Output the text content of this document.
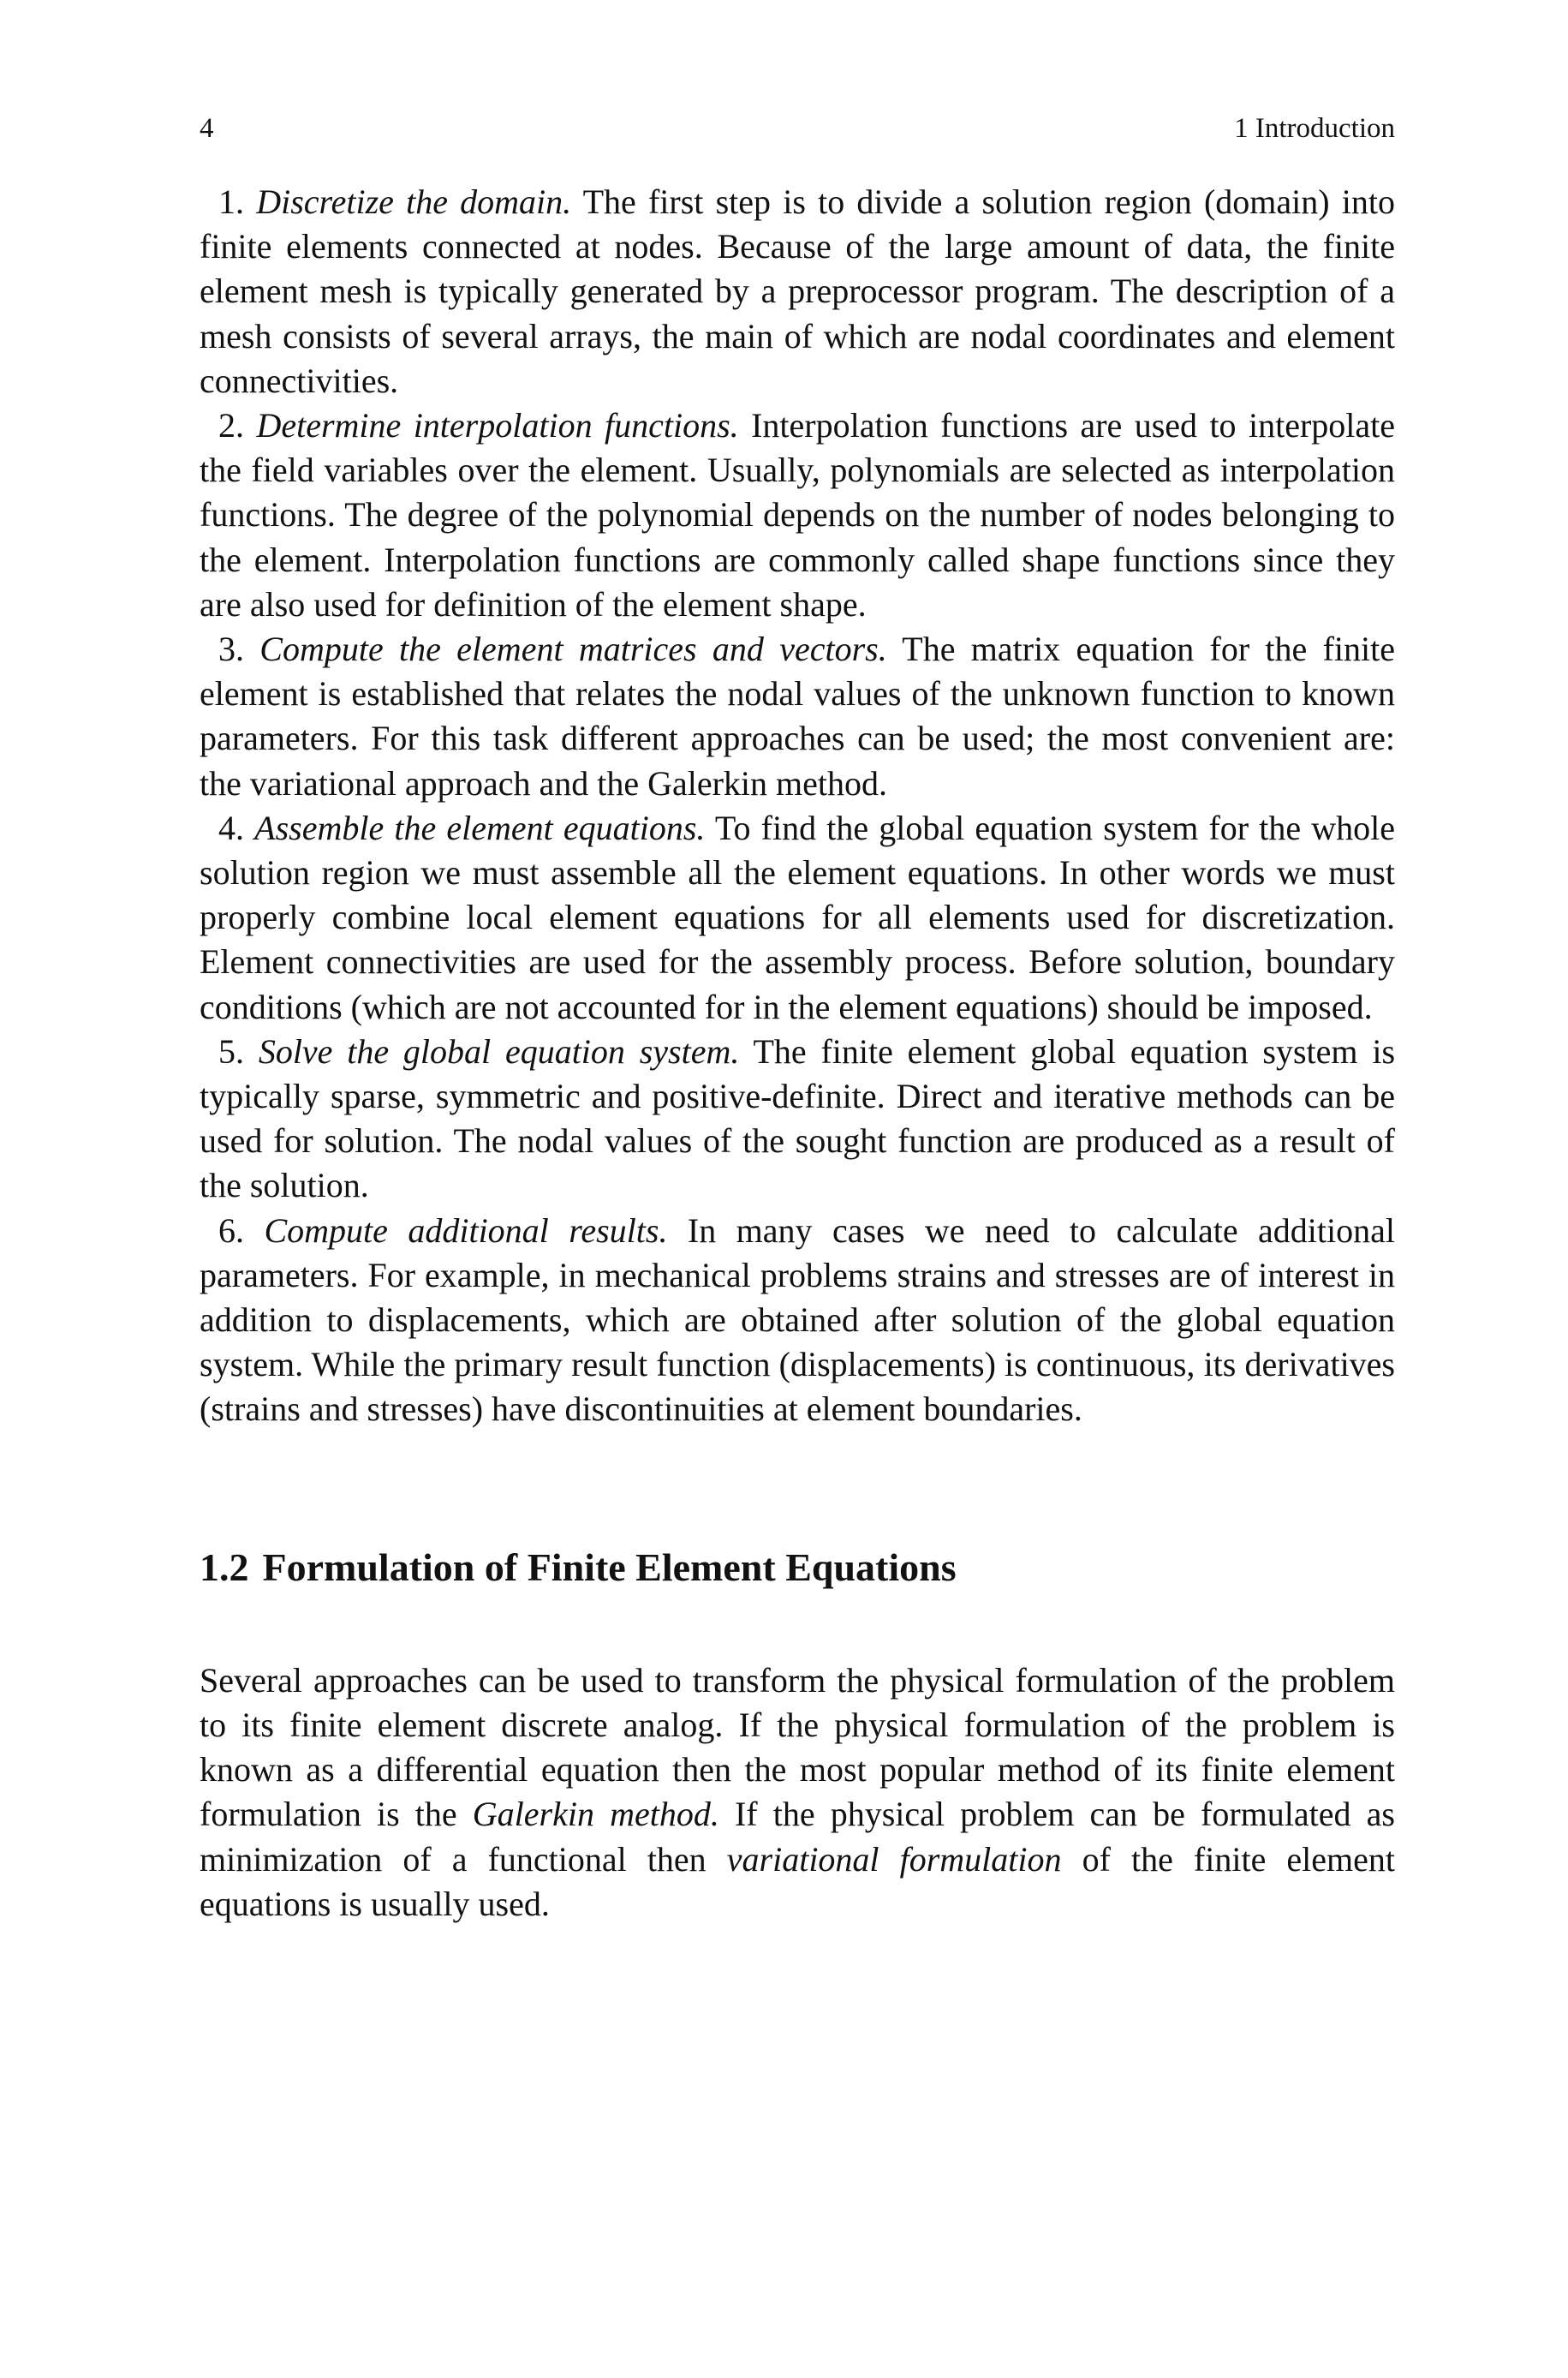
4	1 Introduction

1. Discretize the domain. The first step is to divide a solution region (domain) into finite elements connected at nodes. Because of the large amount of data, the finite element mesh is typically generated by a preprocessor program. The description of a mesh consists of several arrays, the main of which are nodal coordinates and element connectivities.

2. Determine interpolation functions. Interpolation functions are used to interpolate the field variables over the element. Usually, polynomials are selected as interpolation functions. The degree of the polynomial depends on the number of nodes belonging to the element. Interpolation functions are commonly called shape functions since they are also used for definition of the element shape.

3. Compute the element matrices and vectors. The matrix equation for the finite element is established that relates the nodal values of the unknown function to known parameters. For this task different approaches can be used; the most convenient are: the variational approach and the Galerkin method.

4. Assemble the element equations. To find the global equation system for the whole solution region we must assemble all the element equations. In other words we must properly combine local element equations for all elements used for discretization. Element connectivities are used for the assembly process. Before solution, boundary conditions (which are not accounted for in the element equations) should be imposed.

5. Solve the global equation system. The finite element global equation system is typically sparse, symmetric and positive-definite. Direct and iterative methods can be used for solution. The nodal values of the sought function are produced as a result of the solution.

6. Compute additional results. In many cases we need to calculate additional parameters. For example, in mechanical problems strains and stresses are of interest in addition to displacements, which are obtained after solution of the global equation system. While the primary result function (displacements) is continuous, its derivatives (strains and stresses) have discontinuities at element boundaries.

1.2 Formulation of Finite Element Equations

Several approaches can be used to transform the physical formulation of the problem to its finite element discrete analog. If the physical formulation of the problem is known as a differential equation then the most popular method of its finite element formulation is the Galerkin method. If the physical problem can be formulated as minimization of a functional then variational formulation of the finite element equations is usually used.
